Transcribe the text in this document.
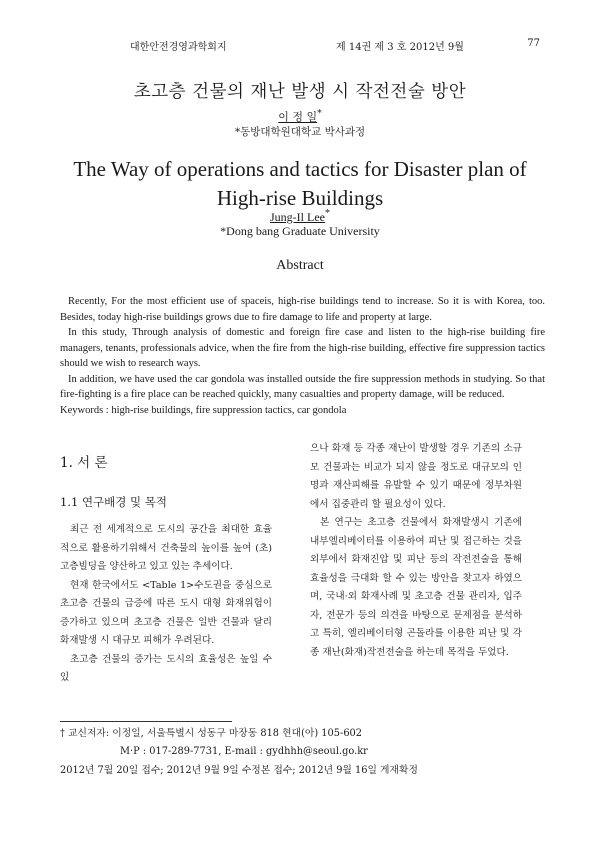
대한안전경영과학회지	제 14권 제 3 호 2012년 9월	77
초고층 건물의 재난 발생 시 작전전술 방안
이 정 일*
*동방대학원대학교 박사과정
The Way of operations and tactics for Disaster plan of
High-rise Buildings
Jung-Il Lee*
*Dong bang Graduate University
Abstract

Recently, For the most efficient use of spaceis, high-rise buildings tend to increase. So it is with Korea, too. Besides, today high-rise buildings grows due to fire damage to life and property at large.

In this study, Through analysis of domestic and foreign fire case and listen to the high-rise building fire managers, tenants, professionals advice, when the fire from the high-rise building, effective fire suppression tactics should we wish to research ways.

In addition, we have used the car gondola was installed outside the fire suppression methods in studying. So that fire-fighting is a fire place can be reached quickly, many casualties and property damage, will be reduced.

Keywords : high-rise buildings, fire suppression tactics, car gondola

1. 서 론
1.1 연구배경 및 목적

최근 전 세계적으로 도시의 공간을 최대한 효율적으로 활용하기위해서 건축물의 높이를 높여 (초)고층빌딩을 양산하고 있고 있는 추세이다.

현재 한국에서도 <Table 1>수도권을 중심으로 초고층 건물의 급증에 따른 도시 대형 화재위험이 증가하고 있으며 초고층 건물은 일반 건물과 달리 화재발생 시 대규모 피해가 우려된다.

초고층 건물의 증가는 도시의 효율성은 높일 수 있

으나 화재 등 각종 재난이 발생할 경우 기존의 소규모 건물과는 비교가 되지 않을 정도로 대규모의 인명과 재산피해를 유발할 수 있기 때문에 정부차원에서 집중관리 할 필요성이 있다.

본 연구는 초고층 건물에서 화재발생시 기존에 내부엘리베이터를 이용하여 피난 및 접근하는 것을 외부에서 화재진압 및 피난 등의 작전전술을 통해 효율성을 극대화 할 수 있는 방안을 찾고자 하였으며, 국내·외 화재사례 및 초고층 건물 관리자, 입주자, 전문가 등의 의견을 바탕으로 문제점을 분석하고 특히, 엘리베이터형 곤돌라를 이용한 피난 및 각종 재난(화재)작전전술을 하는데 목적을 두었다.

† 교신저자: 이정일, 서울특별시 성동구 마장동 818 현대(아) 105-602
M·P : 017-289-7731, E-mail : gydhhh@seoul.go.kr
2012년 7월 20일 접수; 2012년 9월 9일 수정본 접수; 2012년 9월 16일 게재확정
